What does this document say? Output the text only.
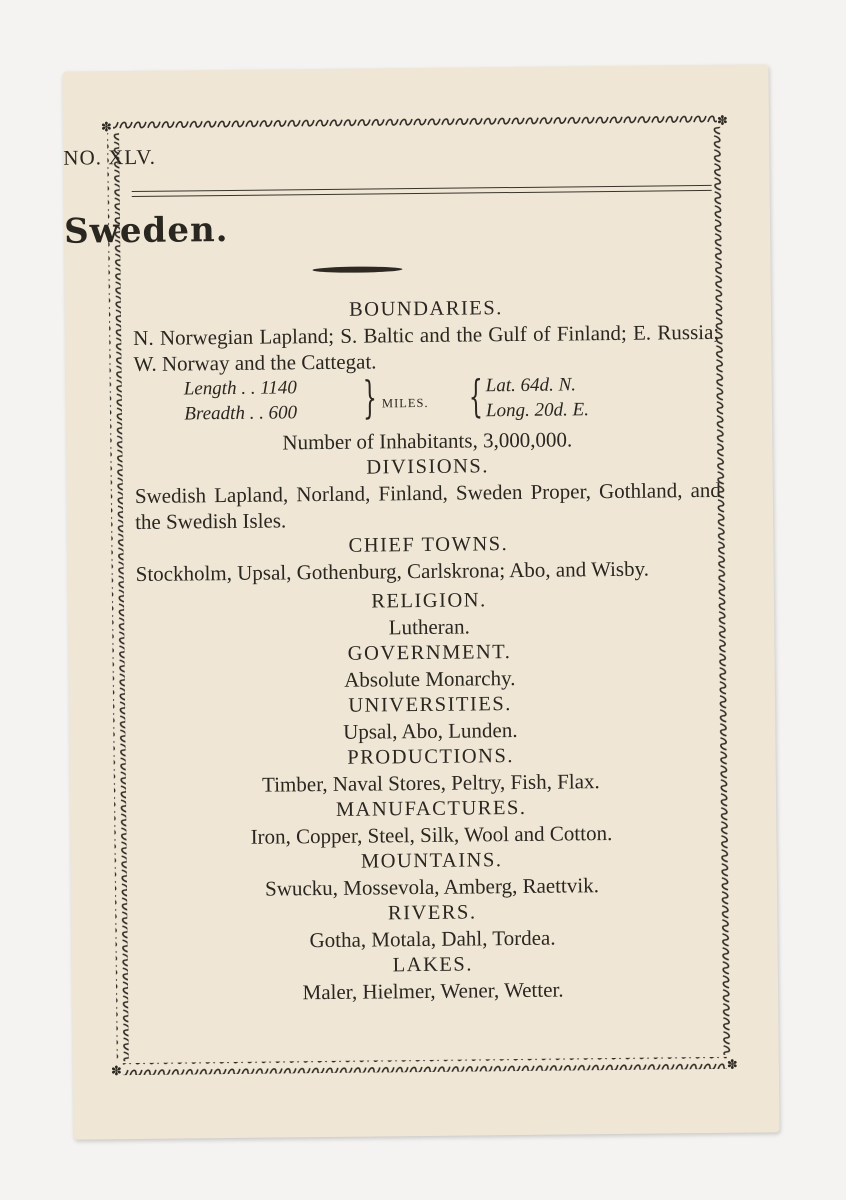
✽	✽
✽	✽
NO. XLV.
Sweden.
BOUNDARIES.
N. Norwegian Lapland; S. Baltic and the Gulf of Finland; E. Russia; W. Norway and the Cattegat.
Length . . 1140
Breadth . . 600 } MILES. { Lat. 64d. N.
Long. 20d. E.
Number of Inhabitants, 3,000,000.
DIVISIONS.
Swedish Lapland, Norland, Finland, Sweden Proper, Gothland, and the Swedish Isles.
CHIEF TOWNS.
Stockholm, Upsal, Gothenburg, Carlskrona; Abo, and Wisby.
RELIGION.
Lutheran.
GOVERNMENT.
Absolute Monarchy.
UNIVERSITIES.
Upsal, Abo, Lunden.
PRODUCTIONS.
Timber, Naval Stores, Peltry, Fish, Flax.
MANUFACTURES.
Iron, Copper, Steel, Silk, Wool and Cotton.
MOUNTAINS.
Swucku, Mossevola, Amberg, Raettvik.
RIVERS.
Gotha, Motala, Dahl, Tordea.
LAKES.
Maler, Hielmer, Wener, Wetter.
